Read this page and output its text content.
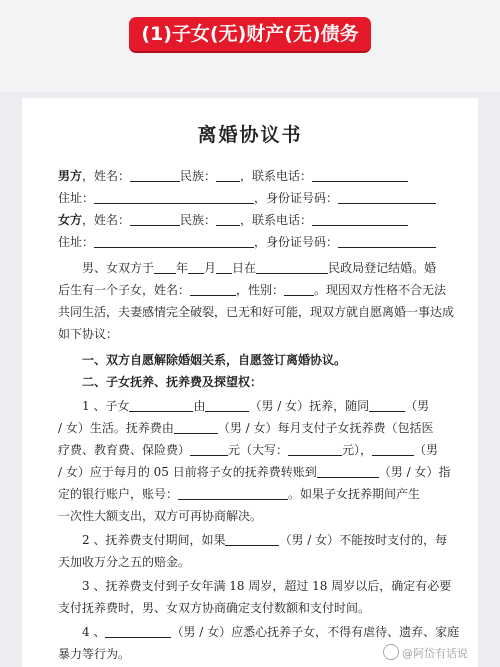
(1)子女(无)财产(无)债务
离婚协议书
男方，姓名：	民族： ，联系电话：
住址：	，身份证号码：
女方，姓名：	民族： ，联系电话：
住址：	，身份证号码：
男、女双方于 年 月 日在	民政局登记结婚。婚
后生有一个子女，姓名：	，性别：	。现因双方性格不合无法
共同生活，夫妻感情完全破裂，已无和好可能，现双方就自愿离婚一事达成
如下协议：
一、双方自愿解除婚姻关系，自愿签订离婚协议。
二、子女抚养、抚养费及探望权：
1 、子女	由	（男 / 女）抚养，随同	（男
/ 女）生活。抚养费由	（男 / 女）每月支付子女抚养费（包括医
疗费、教育费、保险费）	元（大写：	元），	（男
/ 女）应于每月的 05 日前将子女的抚养费转账到	（男 / 女）指
定的银行账户，账号：	。如果子女抚养期间产生
一次性大额支出，双方可再协商解决。
2 、抚养费支付期间，如果	（男 / 女）不能按时支付的，每
天加收万分之五的赔金。
3 、抚养费支付到子女年满 18 周岁，超过 18 周岁以后，确定有必要
支付抚养费时，男、女双方协商确定支付数额和支付时间。
4 、	（男 / 女）应悉心抚养子女，不得有虐待、遗弃、家庭
暴力等行为。	@阿岱有话说
